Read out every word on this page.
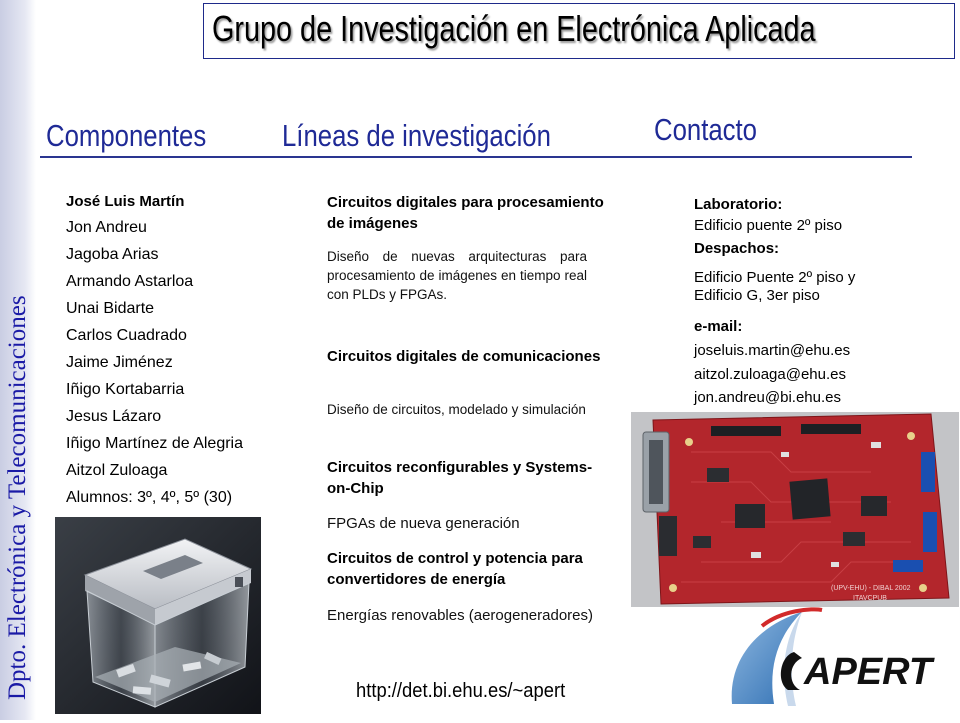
Dpto. Electrónica y Telecomunicaciones
Grupo de Investigación en Electrónica Aplicada
Componentes Líneas de investigación	Contacto
José Luis Martín
Jon Andreu
Jagoba Arias
Armando Astarloa
Unai Bidarte
Carlos Cuadrado
Jaime Jiménez
Iñigo Kortabarria
Jesus Lázaro
Iñigo Martínez de Alegria
Aitzol Zuloaga
Alumnos: 3º, 4º, 5º (30)
Circuitos digitales para procesamiento de imágenes
Diseño de nuevas arquitecturas para procesamiento de imágenes en tiempo real con PLDs y FPGAs.
Circuitos digitales de comunicaciones
Diseño de circuitos, modelado y simulación
Circuitos reconfigurables y Systems-on-Chip
FPGAs de nueva generación
Circuitos de control y potencia para convertidores de energía
Energías renovables (aerogeneradores)
Laboratorio:
Edificio puente 2º piso
Despachos:
Edificio Puente 2º piso y
Edificio G, 3er piso
e-mail:
joseluis.martin@ehu.es
aitzol.zuloaga@ehu.es
jon.andreu@bi.ehu.es
(UPV-EHU) - DIBAL 2002
ITAVCPUB
APERT
http://det.bi.ehu.es/~apert
